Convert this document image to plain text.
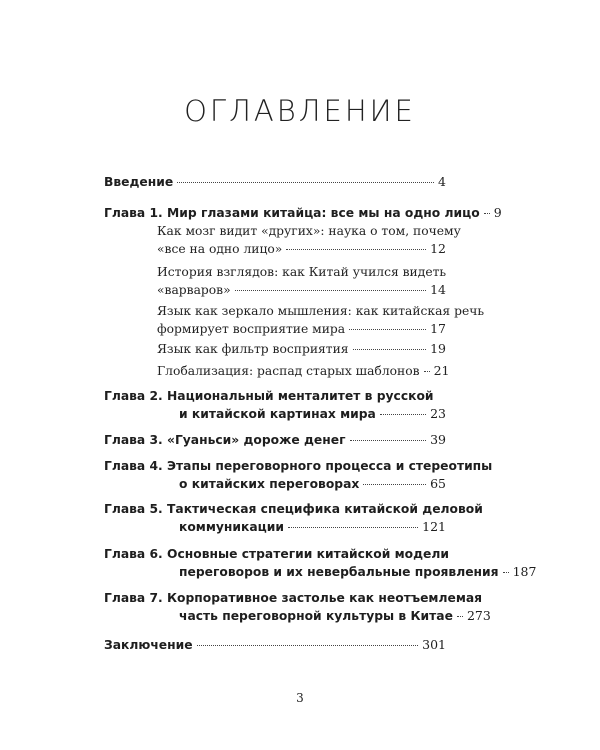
ОГЛАВЛЕНИЕ
Введение	4
Глава 1. Мир глазами китайца: все мы на одно лицо 9
Как мозг видит «других»: наука о том, почему
«все на одно лицо»	12
История взглядов: как Китай учился видеть
«варваров»	14
Язык как зеркало мышления: как китайская речь
формирует восприятие мира	17
Язык как фильтр восприятия	19
Глобализация: распад старых шаблонов 21
Глава 2. Национальный менталитет в русской
и китайской картинах мира	23
Глава 3. «Гуаньси» дороже денег	39
Глава 4. Этапы переговорного процесса и стереотипы
о китайских переговорах	65
Глава 5. Тактическая специфика китайской деловой
коммуникации	121
Глава 6. Основные стратегии китайской модели
переговоров и их невербальные проявления 187
Глава 7. Корпоративное застолье как неотъемлемая
часть переговорной культуры в Китае 273
Заключение	301
3
